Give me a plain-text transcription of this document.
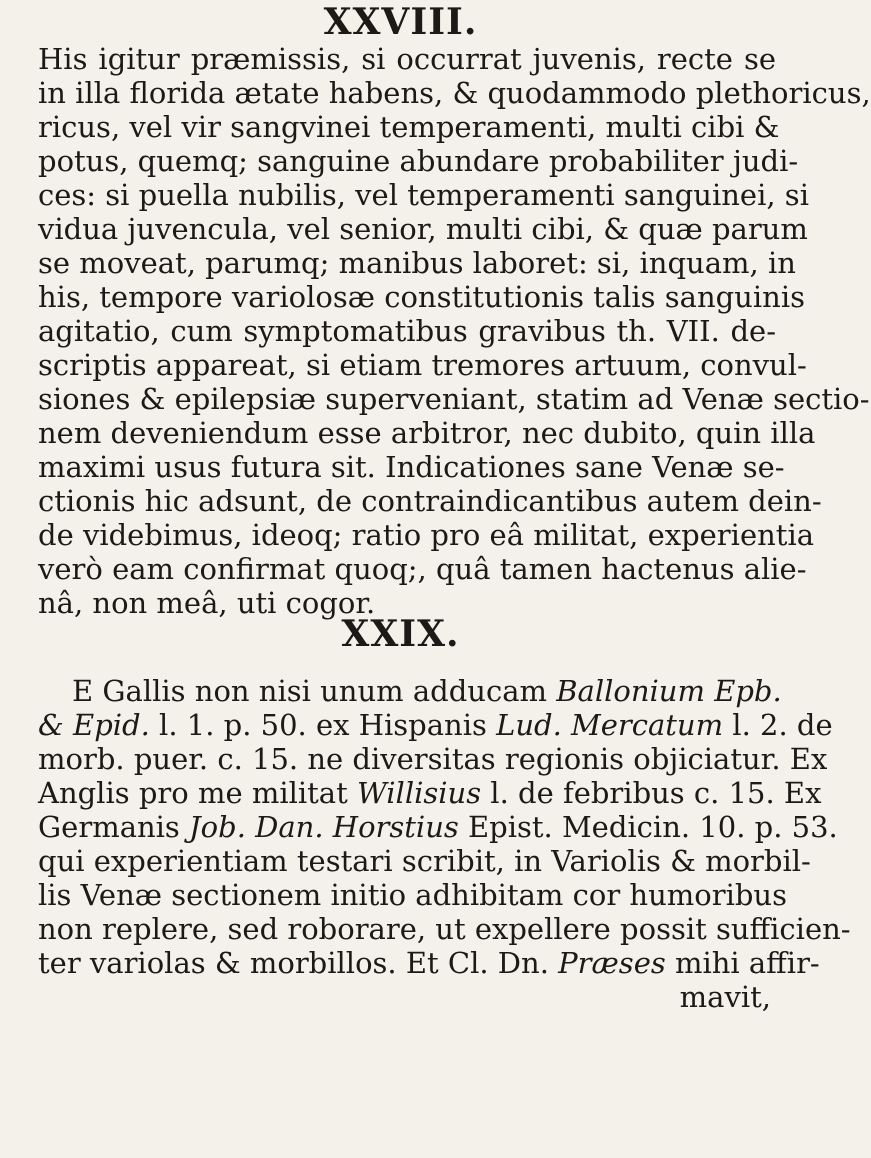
XXVIII.
His igitur præmissis, si occurrat juvenis, recte se
in illa florida ætate habens, & quodammodo plethoricus,
ricus, vel vir sangvinei temperamenti, multi cibi &
potus, quemq; sanguine abundare probabiliter judi-
ces: si puella nubilis, vel temperamenti sanguinei, si
vidua juvencula, vel senior, multi cibi, & quæ parum
se moveat, parumq; manibus laboret: si, inquam, in
his, tempore variolosæ constitutionis talis sanguinis
agitatio, cum symptomatibus gravibus th. VII. de-
scriptis appareat, si etiam tremores artuum, convul-
siones & epilepsiæ superveniant, statim ad Venæ sectio-
nem deveniendum esse arbitror, nec dubito, quin illa
maximi usus futura sit. Indicationes sane Venæ se-
ctionis hic adsunt, de contraindicantibus autem dein-
de videbimus, ideoq; ratio pro eâ militat, experientia
verò eam confirmat quoq;, quâ tamen hactenus alie-
nâ, non meâ, uti cogor.
XXIX.
E Gallis non nisi unum adducam Ballonium Epb.
& Epid. l. 1. p. 50. ex Hispanis Lud. Mercatum l. 2. de
morb. puer. c. 15. ne diversitas regionis objiciatur. Ex
Anglis pro me militat Willisius l. de febribus c. 15. Ex
Germanis Job. Dan. Horstius Epist. Medicin. 10. p. 53.
qui experientiam testari scribit, in Variolis & morbil-
lis Venæ sectionem initio adhibitam cor humoribus
non replere, sed roborare, ut expellere possit sufficien-
ter variolas & morbillos. Et Cl. Dn. Præses mihi affir-
mavit,
